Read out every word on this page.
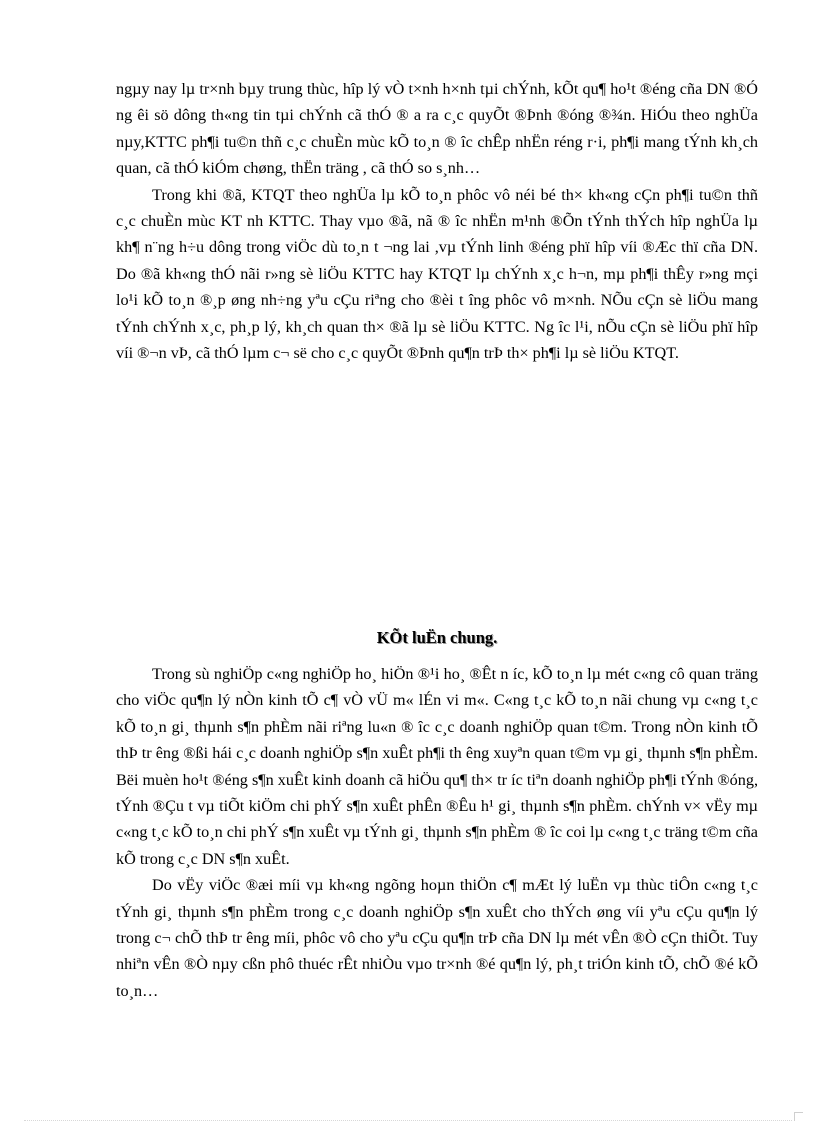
ngµy nay lµ tr×nh bµy trung thùc, hîp lý vÒ t×nh h×nh tµi chÝnh, kÕt qu¶ ho¹t ®éng cña DN ®Ó ng êi sö dông th«ng tin tµi chÝnh cã thÓ ® a ra c¸c quyÕt ®Þnh ®óng ®¾n. HiÓu theo nghÜa nµy,KTTC ph¶i tu©n thñ c¸c chuÈn mùc kÕ to¸n ® îc chÊp nhËn réng r·i, ph¶i mang tÝnh kh¸ch quan, cã thÓ kiÓm chøng, thËn träng , cã thÓ so s¸nh…

Trong khi ®ã, KTQT theo nghÜa lµ kÕ to¸n phôc vô néi bé th× kh«ng cÇn ph¶i tu©n thñ c¸c chuÈn mùc KT nh KTTC. Thay vµo ®ã, nã ® îc nhËn m¹nh ®Õn tÝnh thÝch hîp nghÜa lµ kh¶ n¨ng h÷u dông trong viÖc dù to¸n t ¬ng lai ,vµ tÝnh linh ®éng phï hîp víi ®Æc thï cña DN. Do ®ã kh«ng thÓ nãi r»ng sè liÖu KTTC hay KTQT lµ chÝnh x¸c h¬n, mµ ph¶i thÊy r»ng mçi lo¹i kÕ to¸n ®¸p øng nh÷ng yªu cÇu riªng cho ®èi t îng phôc vô m×nh. NÕu cÇn sè liÖu mang tÝnh chÝnh x¸c, ph¸p lý, kh¸ch quan th× ®ã lµ sè liÖu KTTC. Ng îc l¹i, nÕu cÇn sè liÖu phï hîp víi ®¬n vÞ, cã thÓ lµm c¬ së cho c¸c quyÕt ®Þnh qu¶n trÞ th× ph¶i lµ sè liÖu KTQT.

KÕt luËn chung.

Trong sù nghiÖp c«ng nghiÖp ho¸ hiÖn ®¹i ho¸ ®Êt n íc, kÕ to¸n lµ mét c«ng cô quan träng cho viÖc qu¶n lý nÒn kinh tÕ c¶ vÒ vÜ m« lÉn vi m«. C«ng t¸c kÕ to¸n nãi chung vµ c«ng t¸c kÕ to¸n gi¸ thµnh s¶n phÈm nãi riªng lu«n ® îc c¸c doanh nghiÖp quan t©m. Trong nÒn kinh tÕ thÞ tr êng ®ßi hái c¸c doanh nghiÖp s¶n xuÊt ph¶i th êng xuyªn quan t©m vµ gi¸ thµnh s¶n phÈm. Bëi muèn ho¹t ®éng s¶n xuÊt kinh doanh cã hiÖu qu¶ th× tr íc tiªn doanh nghiÖp ph¶i tÝnh ®óng, tÝnh ®Çu t vµ tiÕt kiÖm chi phÝ s¶n xuÊt phÊn ®Êu h¹ gi¸ thµnh s¶n phÈm. chÝnh v× vËy mµ c«ng t¸c kÕ to¸n chi phÝ s¶n xuÊt vµ tÝnh gi¸ thµnh s¶n phÈm ® îc coi lµ c«ng t¸c träng t©m cña kÕ trong c¸c DN s¶n xuÊt.

Do vËy viÖc ®æi míi vµ kh«ng ngõng hoµn thiÖn c¶ mÆt lý luËn vµ thùc tiÔn c«ng t¸c tÝnh gi¸ thµnh s¶n phÈm trong c¸c doanh nghiÖp s¶n xuÊt cho thÝch øng víi yªu cÇu qu¶n lý trong c¬ chÕ thÞ tr êng míi, phôc vô cho yªu cÇu qu¶n trÞ cña DN lµ mét vÊn ®Ò cÇn thiÕt. Tuy nhiªn vÊn ®Ò nµy cßn phô thuéc rÊt nhiÒu vµo tr×nh ®é qu¶n lý, ph¸t triÓn kinh tÕ, chÕ ®é kÕ to¸n…
